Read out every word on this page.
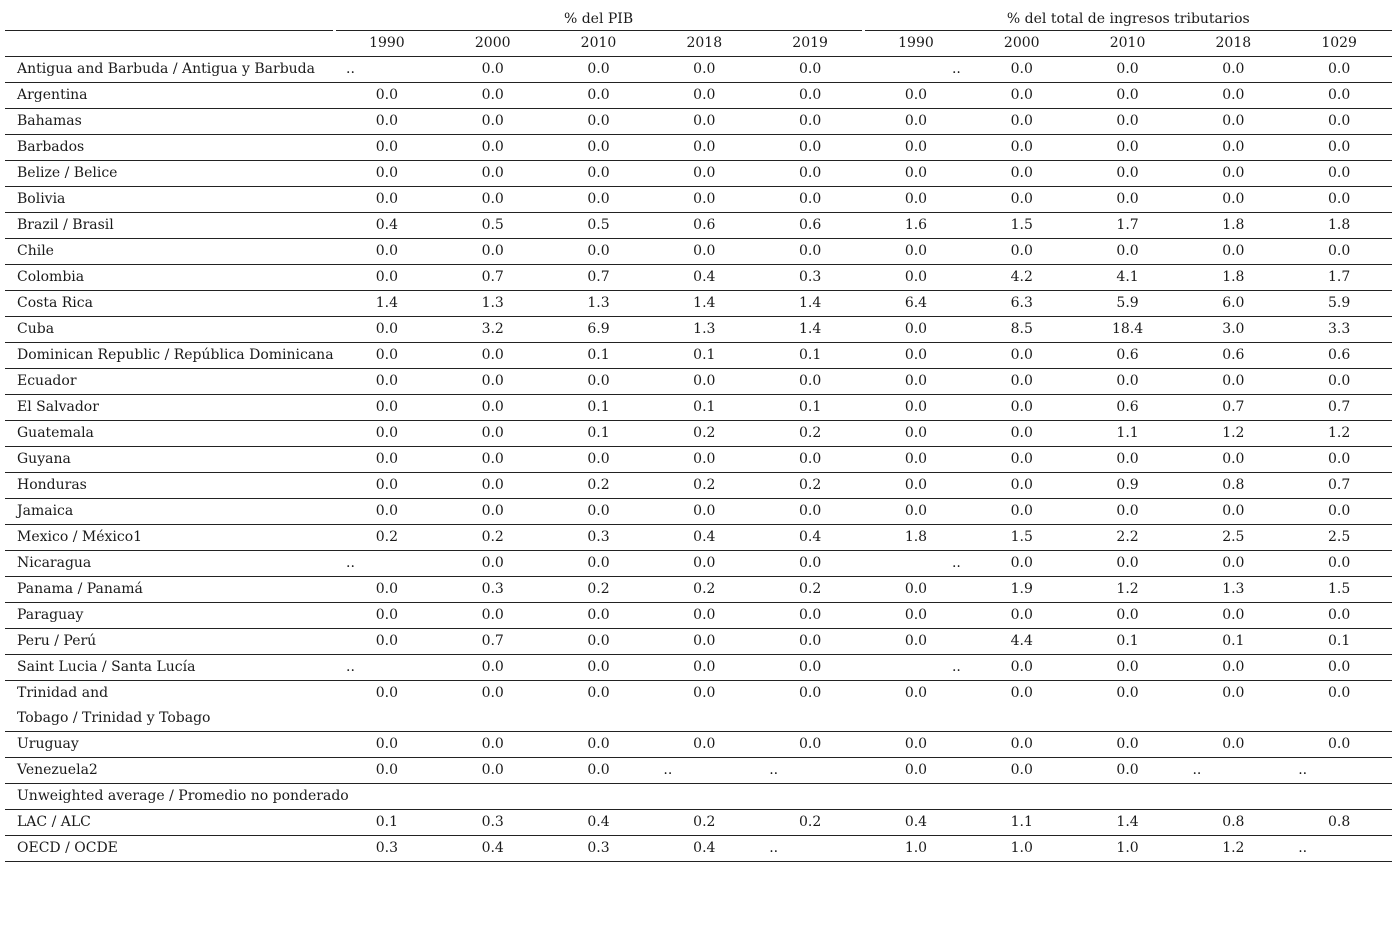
	% del PIB					% del total de ingresos tributarios				
	1990	2000	2010	2018	2019	1990	2000	2010	2018	1029
Antigua and Barbuda / Antigua y Barbuda	..	0.0	0.0	0.0	0.0	..	0.0	0.0	0.0	0.0
Argentina	0.0	0.0	0.0	0.0	0.0	0.0	0.0	0.0	0.0	0.0
Bahamas	0.0	0.0	0.0	0.0	0.0	0.0	0.0	0.0	0.0	0.0
Barbados	0.0	0.0	0.0	0.0	0.0	0.0	0.0	0.0	0.0	0.0
Belize / Belice	0.0	0.0	0.0	0.0	0.0	0.0	0.0	0.0	0.0	0.0
Bolivia	0.0	0.0	0.0	0.0	0.0	0.0	0.0	0.0	0.0	0.0
Brazil / Brasil	0.4	0.5	0.5	0.6	0.6	1.6	1.5	1.7	1.8	1.8
Chile	0.0	0.0	0.0	0.0	0.0	0.0	0.0	0.0	0.0	0.0
Colombia	0.0	0.7	0.7	0.4	0.3	0.0	4.2	4.1	1.8	1.7
Costa Rica	1.4	1.3	1.3	1.4	1.4	6.4	6.3	5.9	6.0	5.9
Cuba	0.0	3.2	6.9	1.3	1.4	0.0	8.5	18.4	3.0	3.3
Dominican Republic / República Dominicana	0.0	0.0	0.1	0.1	0.1	0.0	0.0	0.6	0.6	0.6
Ecuador	0.0	0.0	0.0	0.0	0.0	0.0	0.0	0.0	0.0	0.0
El Salvador	0.0	0.0	0.1	0.1	0.1	0.0	0.0	0.6	0.7	0.7
Guatemala	0.0	0.0	0.1	0.2	0.2	0.0	0.0	1.1	1.2	1.2
Guyana	0.0	0.0	0.0	0.0	0.0	0.0	0.0	0.0	0.0	0.0
Honduras	0.0	0.0	0.2	0.2	0.2	0.0	0.0	0.9	0.8	0.7
Jamaica	0.0	0.0	0.0	0.0	0.0	0.0	0.0	0.0	0.0	0.0
Mexico / México1	0.2	0.2	0.3	0.4	0.4	1.8	1.5	2.2	2.5	2.5
Nicaragua	..	0.0	0.0	0.0	0.0	..	0.0	0.0	0.0	0.0
Panama / Panamá	0.0	0.3	0.2	0.2	0.2	0.0	1.9	1.2	1.3	1.5
Paraguay	0.0	0.0	0.0	0.0	0.0	0.0	0.0	0.0	0.0	0.0
Peru / Perú	0.0	0.7	0.0	0.0	0.0	0.0	4.4	0.1	0.1	0.1
Saint Lucia / Santa Lucía	..	0.0	0.0	0.0	0.0	..	0.0	0.0	0.0	0.0

Trinidad and
Tobago / Trinidad y Tobago	0.0	0.0	0.0	0.0	0.0	0.0	0.0	0.0	0.0	0.0
Uruguay	0.0	0.0	0.0	0.0	0.0	0.0	0.0	0.0	0.0	0.0
Venezuela2	0.0	0.0	0.0	..	..	0.0	0.0	0.0	..	..
Unweighted average / Promedio no ponderado										
LAC / ALC	0.1	0.3	0.4	0.2	0.2	0.4	1.1	1.4	0.8	0.8
OECD / OCDE	0.3	0.4	0.3	0.4	..	1.0	1.0	1.0	1.2	..
